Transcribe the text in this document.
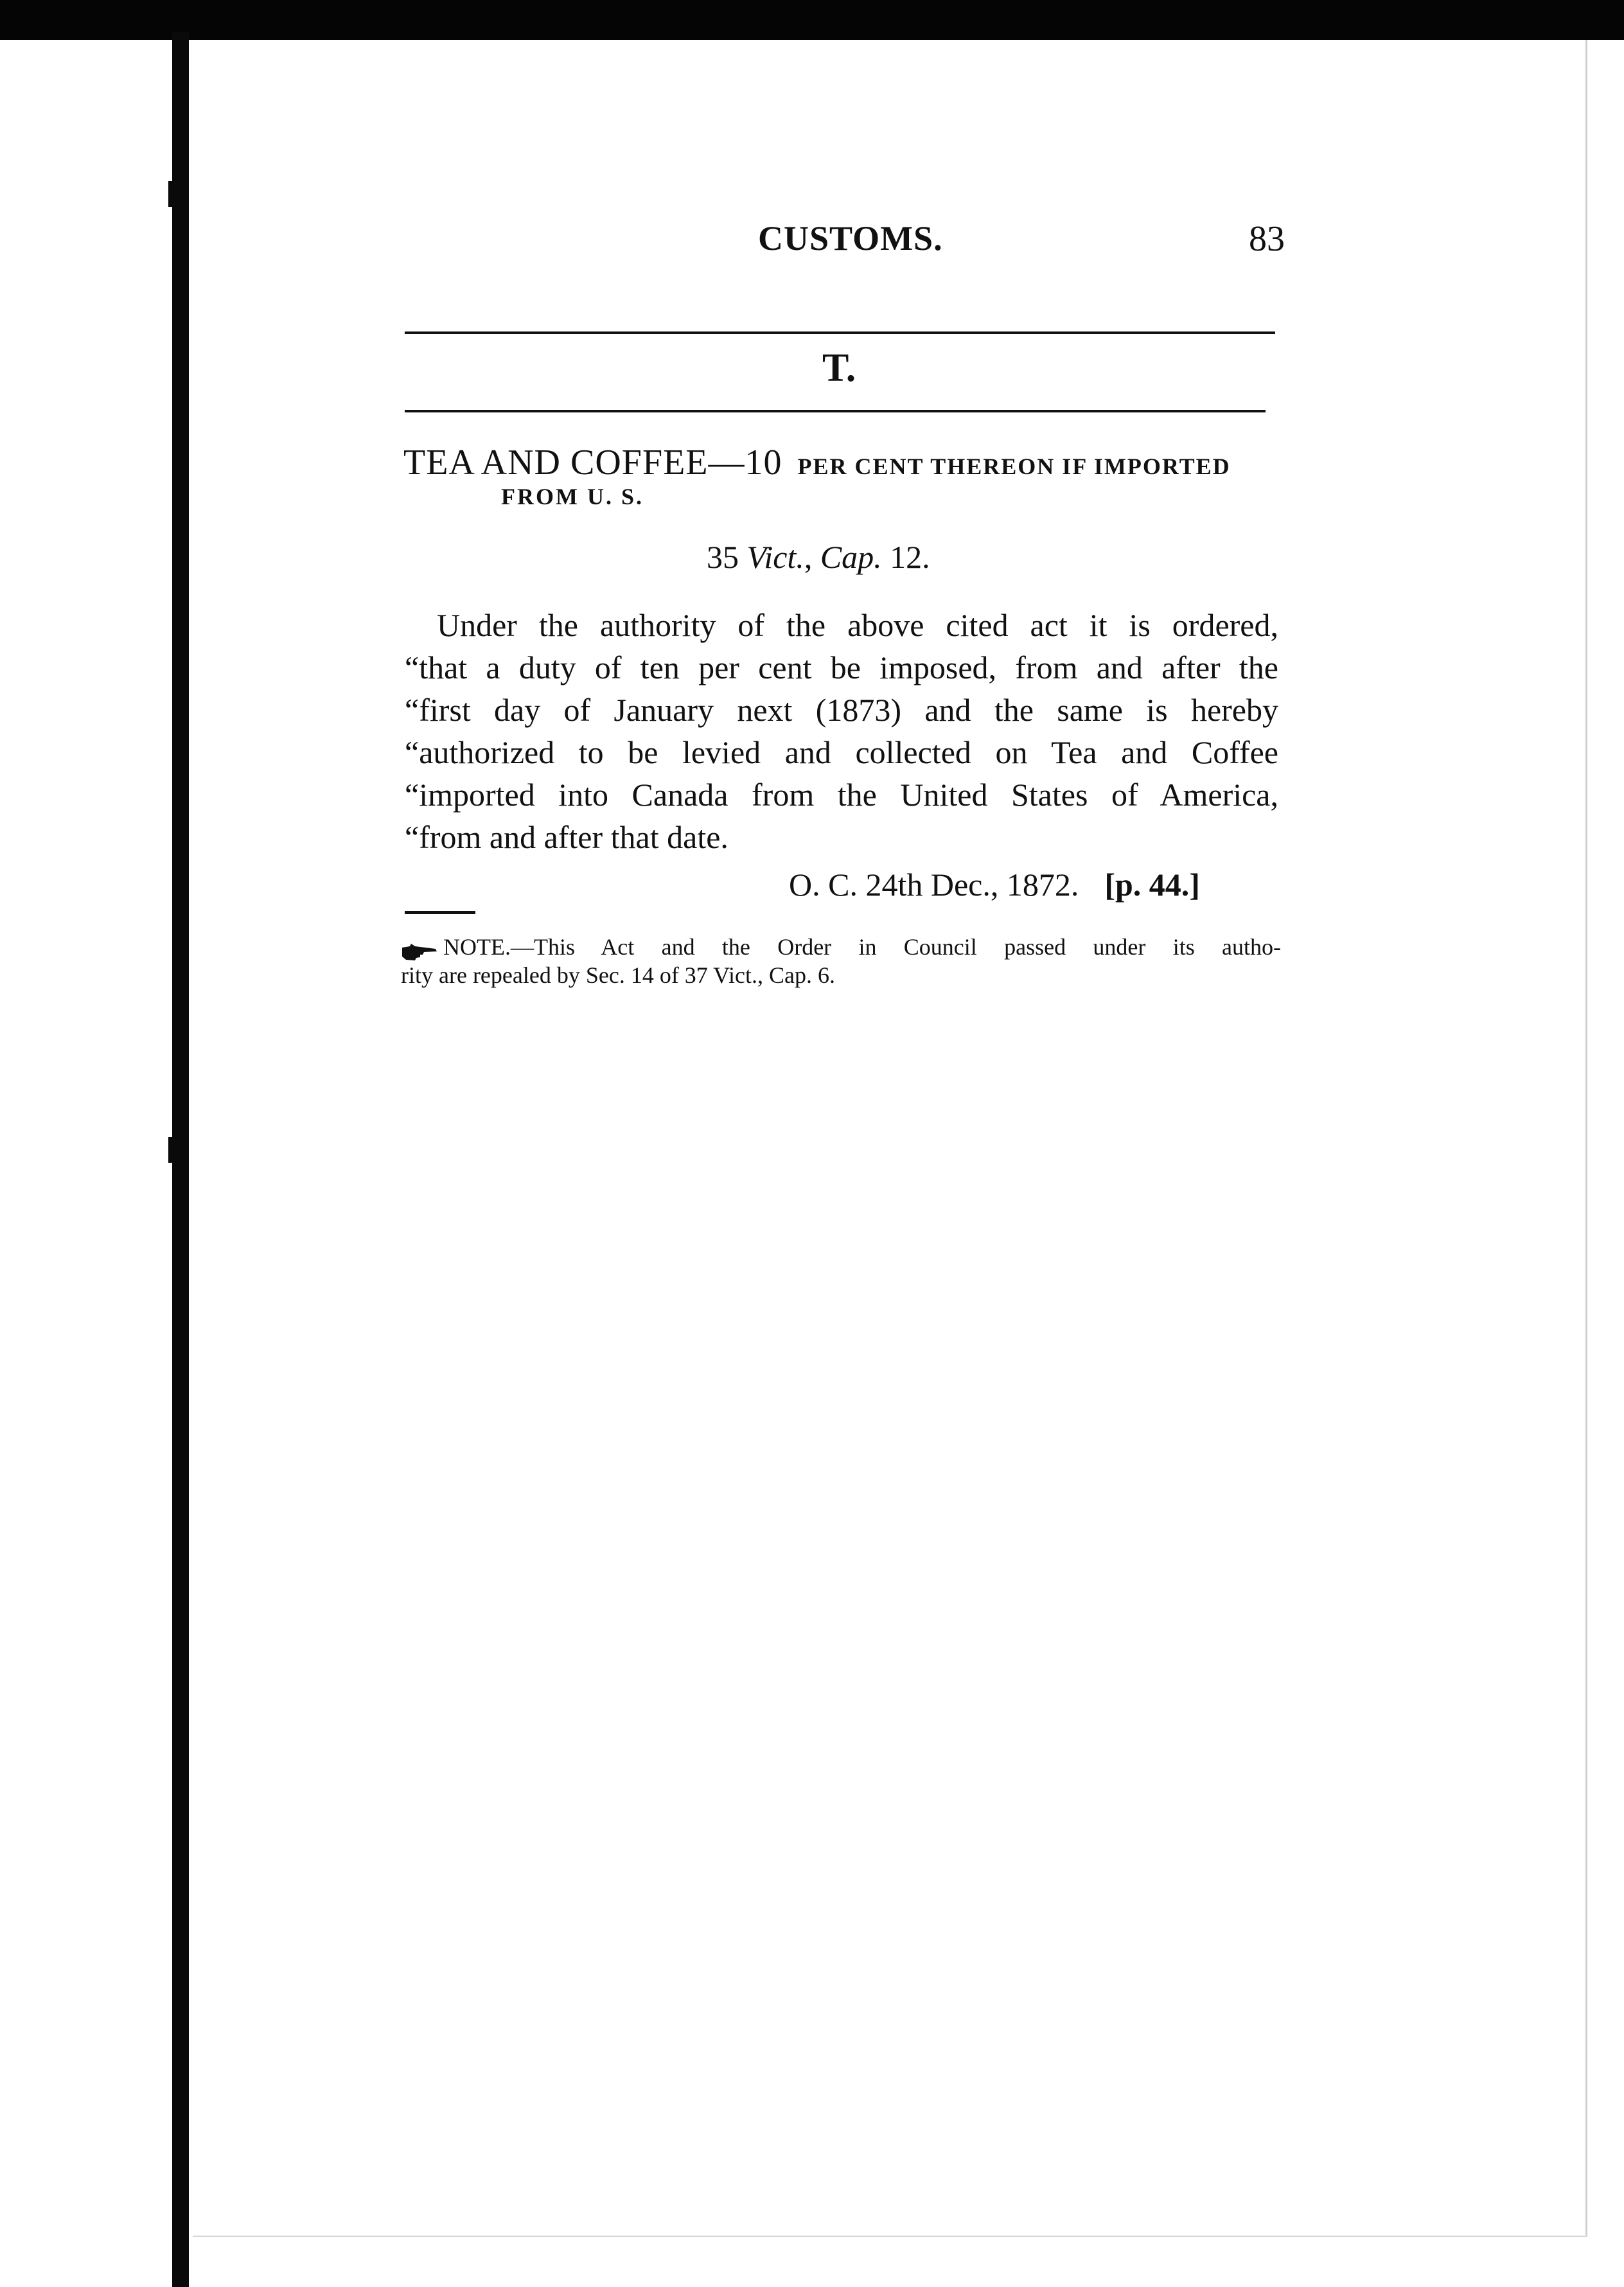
CUSTOMS.	83
T.
TEA AND COFFEE—10 PER CENT THEREON IF IMPORTED
FROM U. S.
35 Vict., Cap. 12.
Under the authority of the above cited act it is ordered,
“that a duty of ten per cent be imposed, from and after the
“first day of January next (1873) and the same is hereby
“authorized to be levied and collected on Tea and Coffee
“imported into Canada from the United States of America,
“from and after that date.
O. C. 24th Dec., 1872. [p. 44.]
NOTE.—This Act and the Order in Council passed under its autho-
rity are repealed by Sec. 14 of 37 Vict., Cap. 6.
